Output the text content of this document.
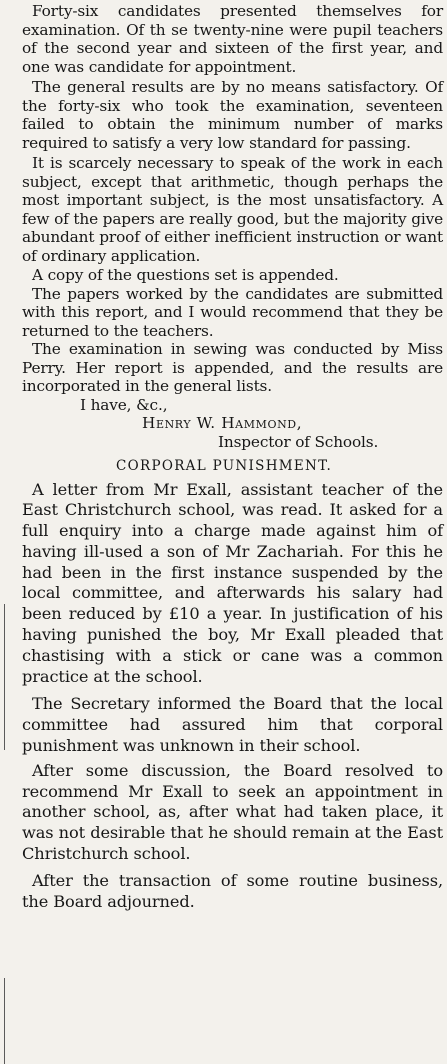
Forty-six candidates presented themselves for examination. Of th se twenty-nine were pupil teachers of the second year and sixteen of the first year, and one was candidate for appointment.

The general results are by no means satisfactory. Of the forty-six who took the examination, seventeen failed to obtain the minimum number of marks required to satisfy a very low standard for passing.

It is scarcely necessary to speak of the work in each subject, except that arithmetic, though perhaps the most important subject, is the most unsatisfactory. A few of the papers are really good, but the majority give abundant proof of either inefficient instruction or want of ordinary application.

A copy of the questions set is appended.

The papers worked by the candidates are submitted with this report, and I would recommend that they be returned to the teachers.

The examination in sewing was conducted by Miss Perry. Her report is appended, and the results are incorporated in the general lists.

I have, &c.,

Henry W. Hammond,

Inspector of Schools.

CORPORAL PUNISHMENT.

A letter from Mr Exall, assistant teacher of the East Christchurch school, was read. It asked for a full enquiry into a charge made against him of having ill-used a son of Mr Zachariah. For this he had been in the first instance suspended by the local committee, and afterwards his salary had been reduced by £10 a year. In justification of his having punished the boy, Mr Exall pleaded that chastising with a stick or cane was a common practice at the school.

The Secretary informed the Board that the local committee had assured him that corporal punishment was unknown in their school.

After some discussion, the Board resolved to recommend Mr Exall to seek an appointment in another school, as, after what had taken place, it was not desirable that he should remain at the East Christchurch school.

After the transaction of some routine business, the Board adjourned.
